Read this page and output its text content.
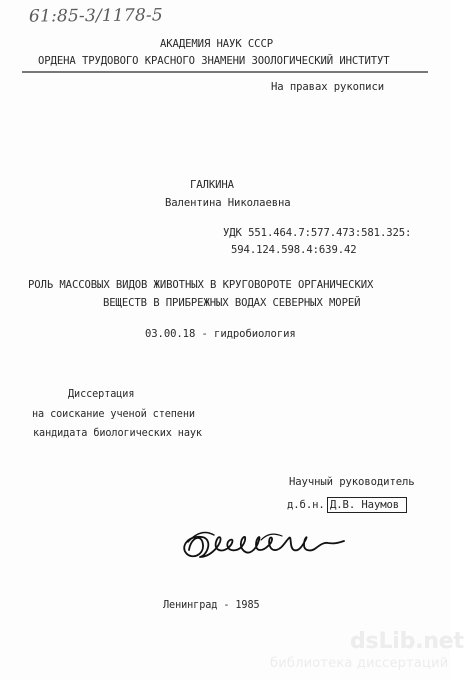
61:85-3/1178-5
АКАДЕМИЯ НАУК СССР
ОРДЕНА ТРУДОВОГО КРАСНОГО ЗНАМЕНИ ЗООЛОГИЧЕСКИЙ ИНСТИТУТ
На правах рукописи
ГАЛКИНА
Валентина Николаевна
УДК 551.464.7:577.473:581.325:
594.124.598.4:639.42
РОЛЬ МАССОВЫХ ВИДОВ ЖИВОТНЫХ В КРУГОВОРОТЕ ОРГАНИЧЕСКИХ
ВЕЩЕСТВ В ПРИБРЕЖНЫХ ВОДАХ СЕВЕРНЫХ МОРЕЙ
03.00.18 - гидробиология
Диссертация
на соискание ученой степени
кандидата биологических наук
Научный руководитель
д.б.н. Д.В. Наумов
Ленинград - 1985
dsLib.net
библиотека диссертаций
